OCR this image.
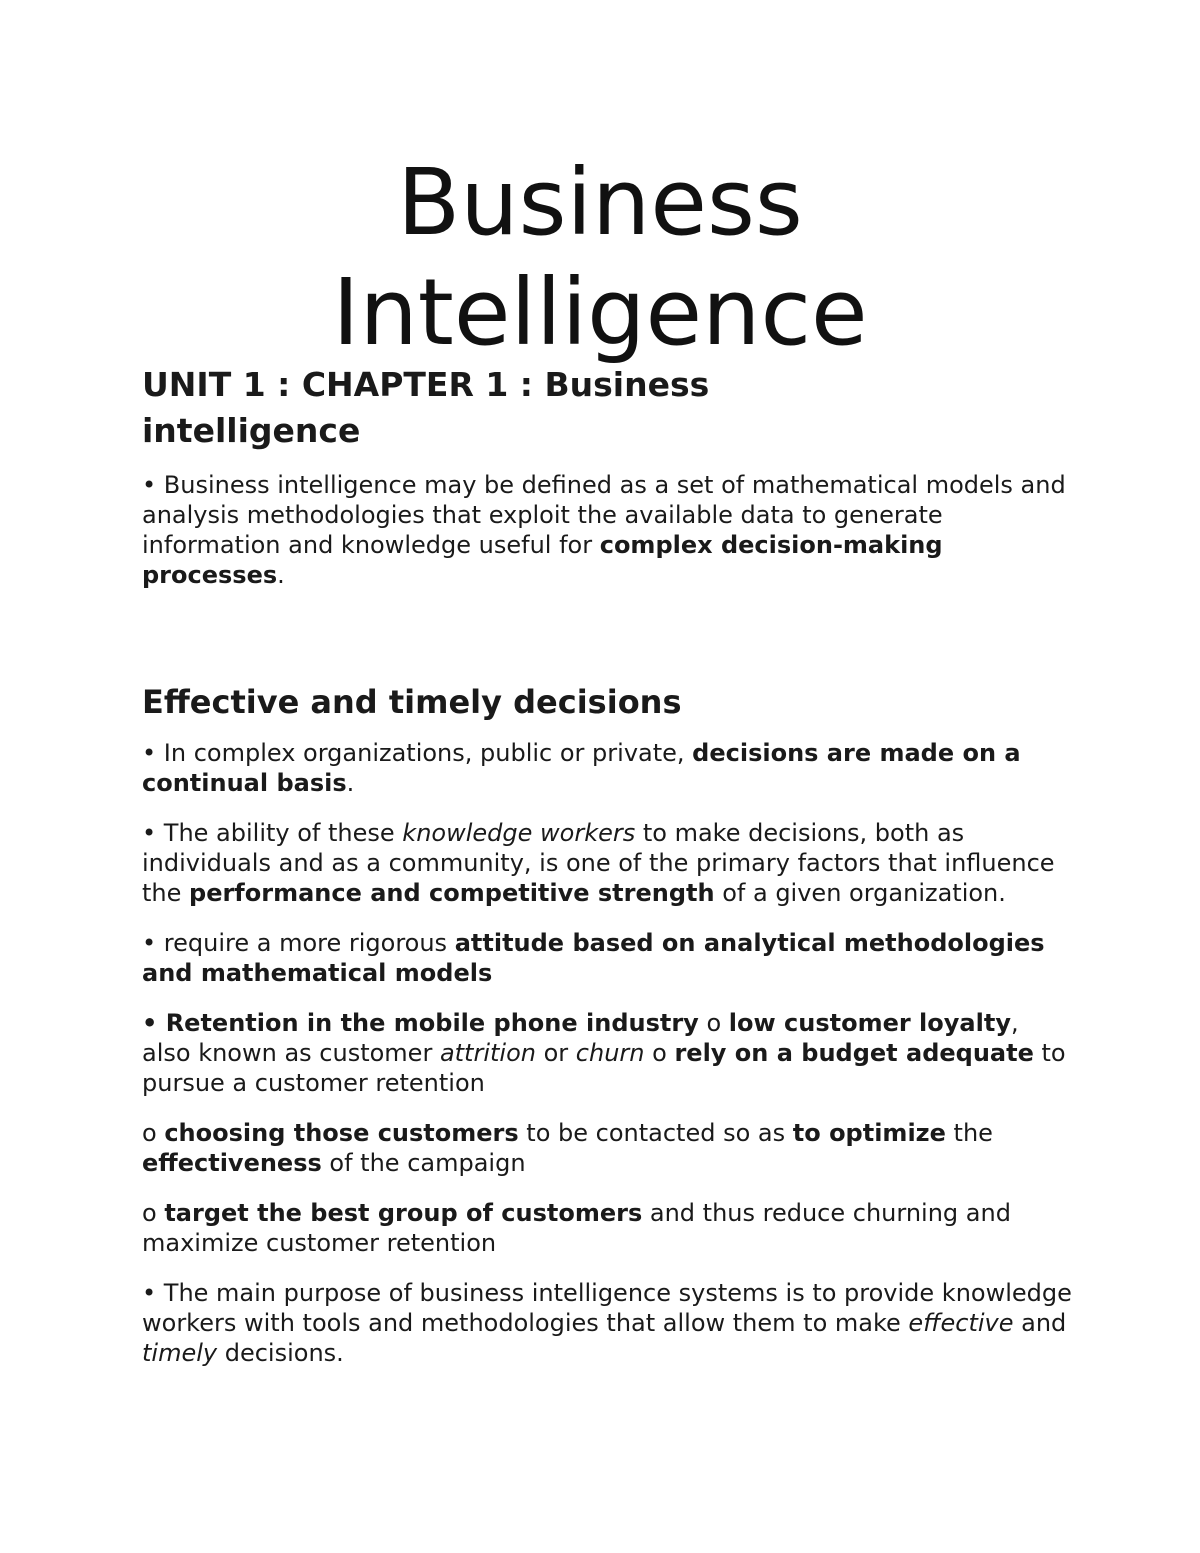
Business
Intelligence
UNIT 1 : CHAPTER 1 : Business
intelligence

• Business intelligence may be defined as a set of mathematical models and analysis methodologies that exploit the available data to generate information and knowledge useful for complex decision-making processes.

Effective and timely decisions

• In complex organizations, public or private, decisions are made on a continual basis.

• The ability of these knowledge workers to make decisions, both as individuals and as a community, is one of the primary factors that influence the performance and competitive strength of a given organization.

• require a more rigorous attitude based on analytical methodologies and mathematical models

• Retention in the mobile phone industry o low customer loyalty, also known as customer attrition or churn o rely on a budget adequate to pursue a customer retention

o choosing those customers to be contacted so as to optimize the effectiveness of the campaign

o target the best group of customers and thus reduce churning and maximize customer retention

• The main purpose of business intelligence systems is to provide knowledge workers with tools and methodologies that allow them to make effective and timely decisions.
